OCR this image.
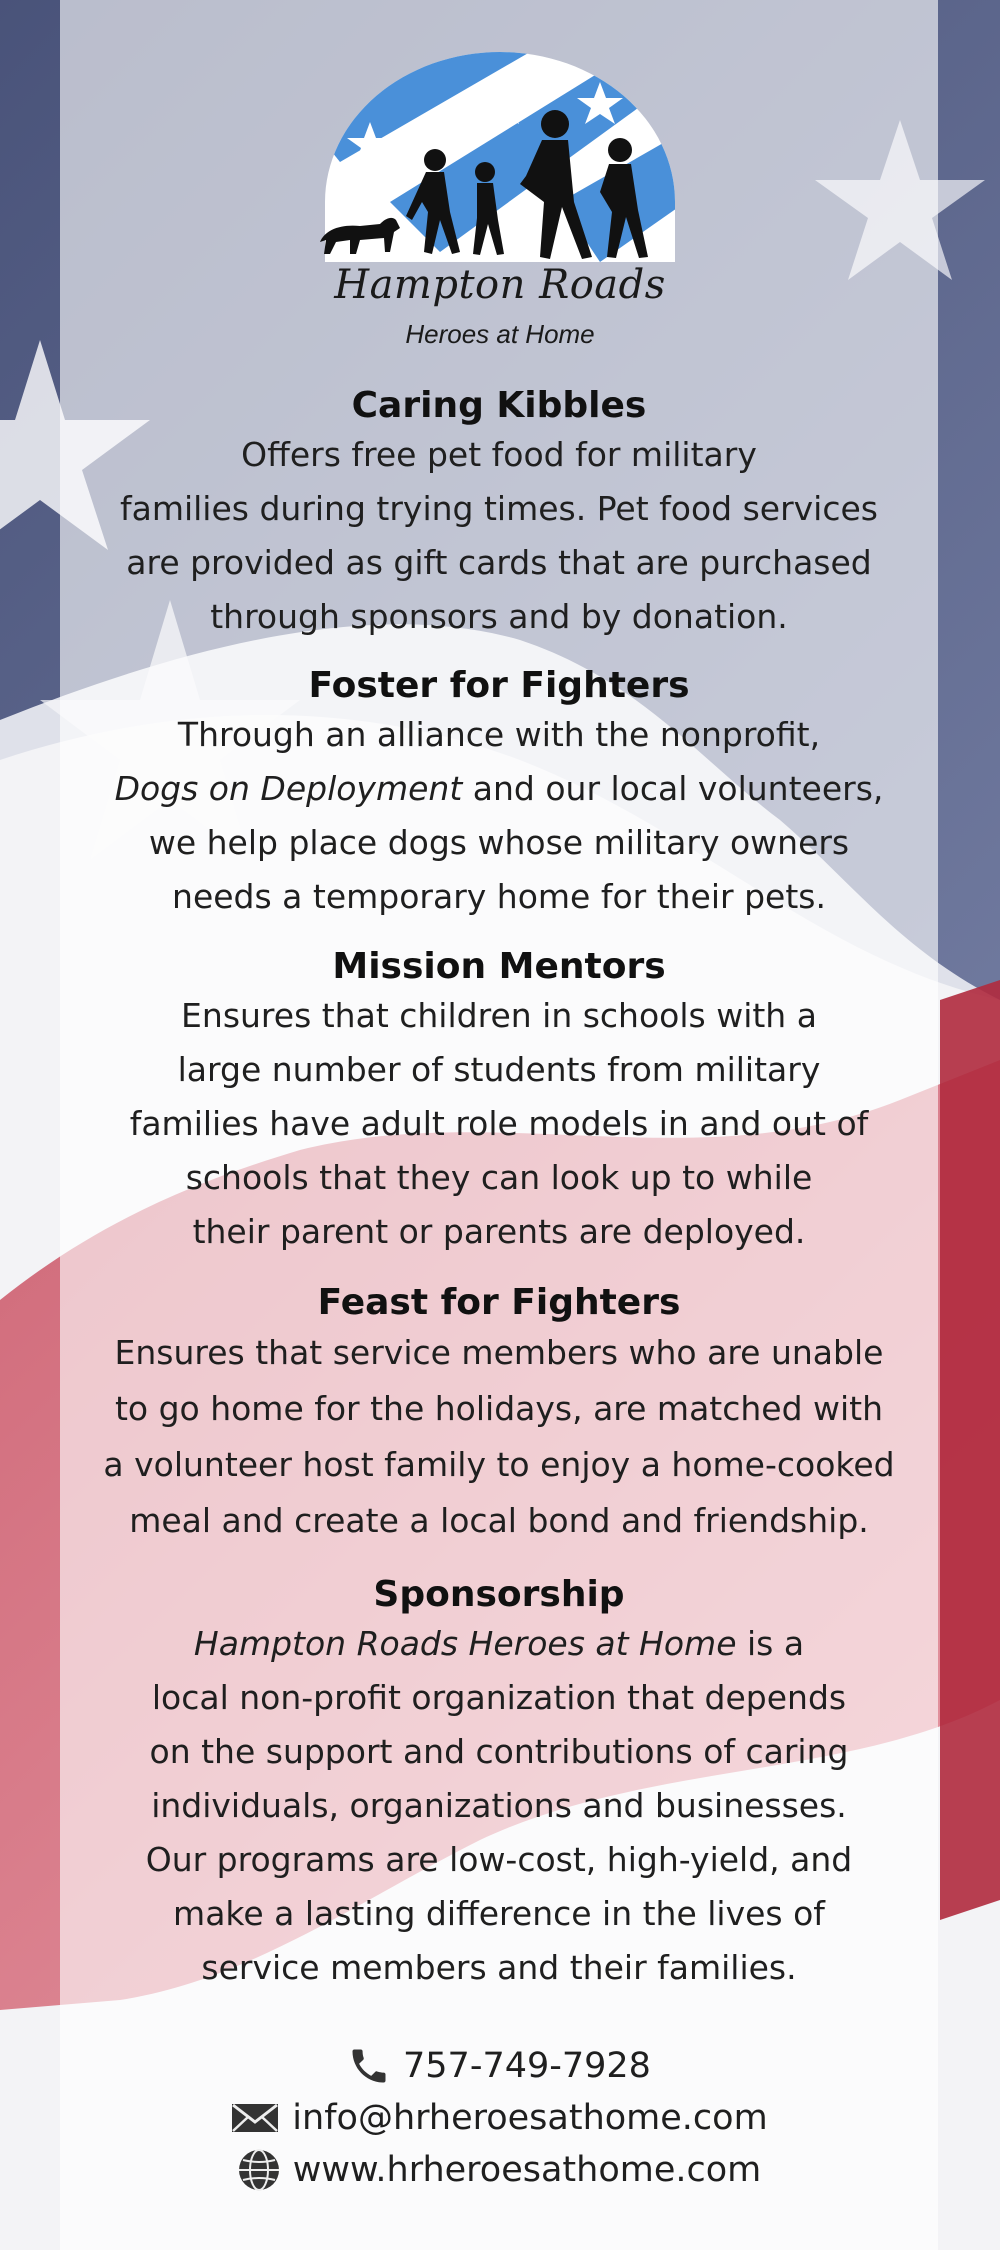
Hampton Roads
Heroes at Home
Caring Kibbles

Offers free pet food for military
families during trying times. Pet food services
are provided as gift cards that are purchased
through sponsors and by donation.

Foster for Fighters

Through an alliance with the nonprofit,
Dogs on Deployment and our local volunteers,
we help place dogs whose military owners
needs a temporary home for their pets.

Mission Mentors

Ensures that children in schools with a
large number of students from military
families have adult role models in and out of
schools that they can look up to while
their parent or parents are deployed.

Feast for Fighters

Ensures that service members who are unable
to go home for the holidays, are matched with
a volunteer host family to enjoy a home-cooked
meal and create a local bond and friendship.

Sponsorship

Hampton Roads Heroes at Home is a
local non-profit organization that depends
on the support and contributions of caring
individuals, organizations and businesses.
Our programs are low-cost, high-yield, and
make a lasting difference in the lives of
service members and their families.

757-749-7928
info@hrheroesathome.com
www.hrheroesathome.com
